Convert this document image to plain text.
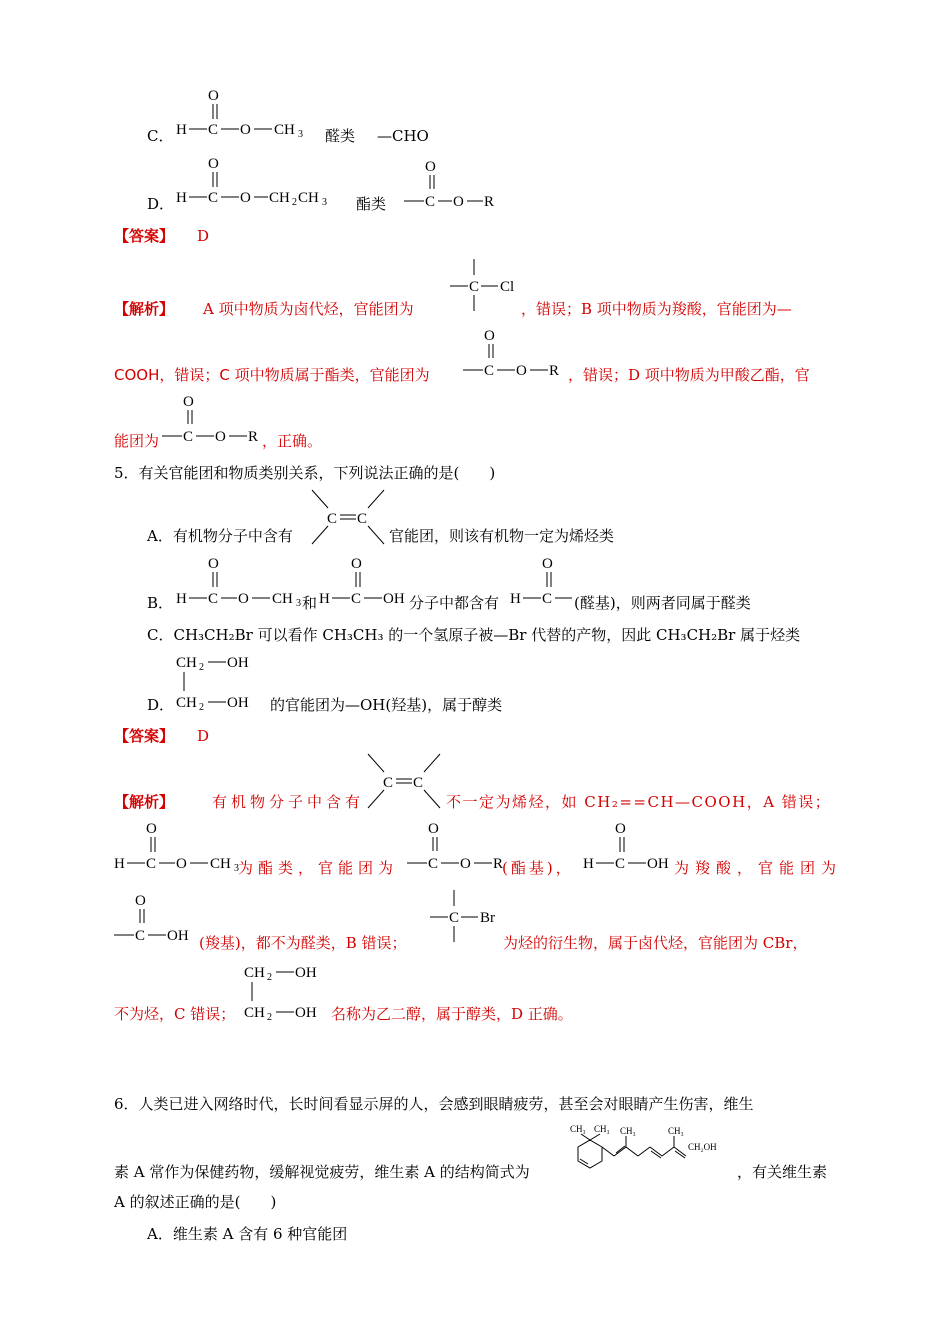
C．
O
H C O CH 3 醛类 —CHO
D．
O
H C O CH 2 CH 3 酯类
O
C O R
【答案】 D
【解析】 A 项中物质为卤代烃，官能团为
C Cl
，错误；B 项中物质为羧酸，官能团为—
COOH，错误；C 项中物质属于酯类，官能团为
O
C O R ，错误；D 项中物质为甲酸乙酯，官
能团为
O
C O R ，正确。
5．有关官能团和物质类别关系，下列说法正确的是(　　)
A．有机物分子中含有
C C
官能团，则该有机物一定为烯烃类
B．
O
H C O CH 3 和
O
H C OH 分子中都含有
O
H C (醛基)，则两者同属于醛类
C．CH₃CH₂Br 可以看作 CH₃CH₃ 的一个氢原子被—Br 代替的产物，因此 CH₃CH₂Br 属于烃类
D．
CH 2 OH
CH 2 OH 的官能团为—OH(羟基)，属于醇类
【答案】 D
【解析】	有机物分子中含有
C C
不一定为烯烃，如 CH₂==CH—COOH，A 错误；
O
H C O CH 3 为酯类，官能团为
O
C O R
(酯基)，
O
H C OH 为羧酸，官能团为
O
C OH (羧基)，都不为醛类，B 错误；
C Br
为烃的衍生物，属于卤代烃，官能团为 CBr，
不为烃，C 错误；
CH 2 OH
CH 2 OH 名称为乙二醇，属于醇类，D 正确。
6．人类已进入网络时代，长时间看显示屏的人，会感到眼睛疲劳，甚至会对眼睛产生伤害，维生
素 A 常作为保健药物，缓解视觉疲劳，维生素 A 的结构简式为
CH₃ CH₃ CH₃	CH₃
CH₂OH
，有关维生素
A 的叙述正确的是(　　)
A．维生素 A 含有 6 种官能团
